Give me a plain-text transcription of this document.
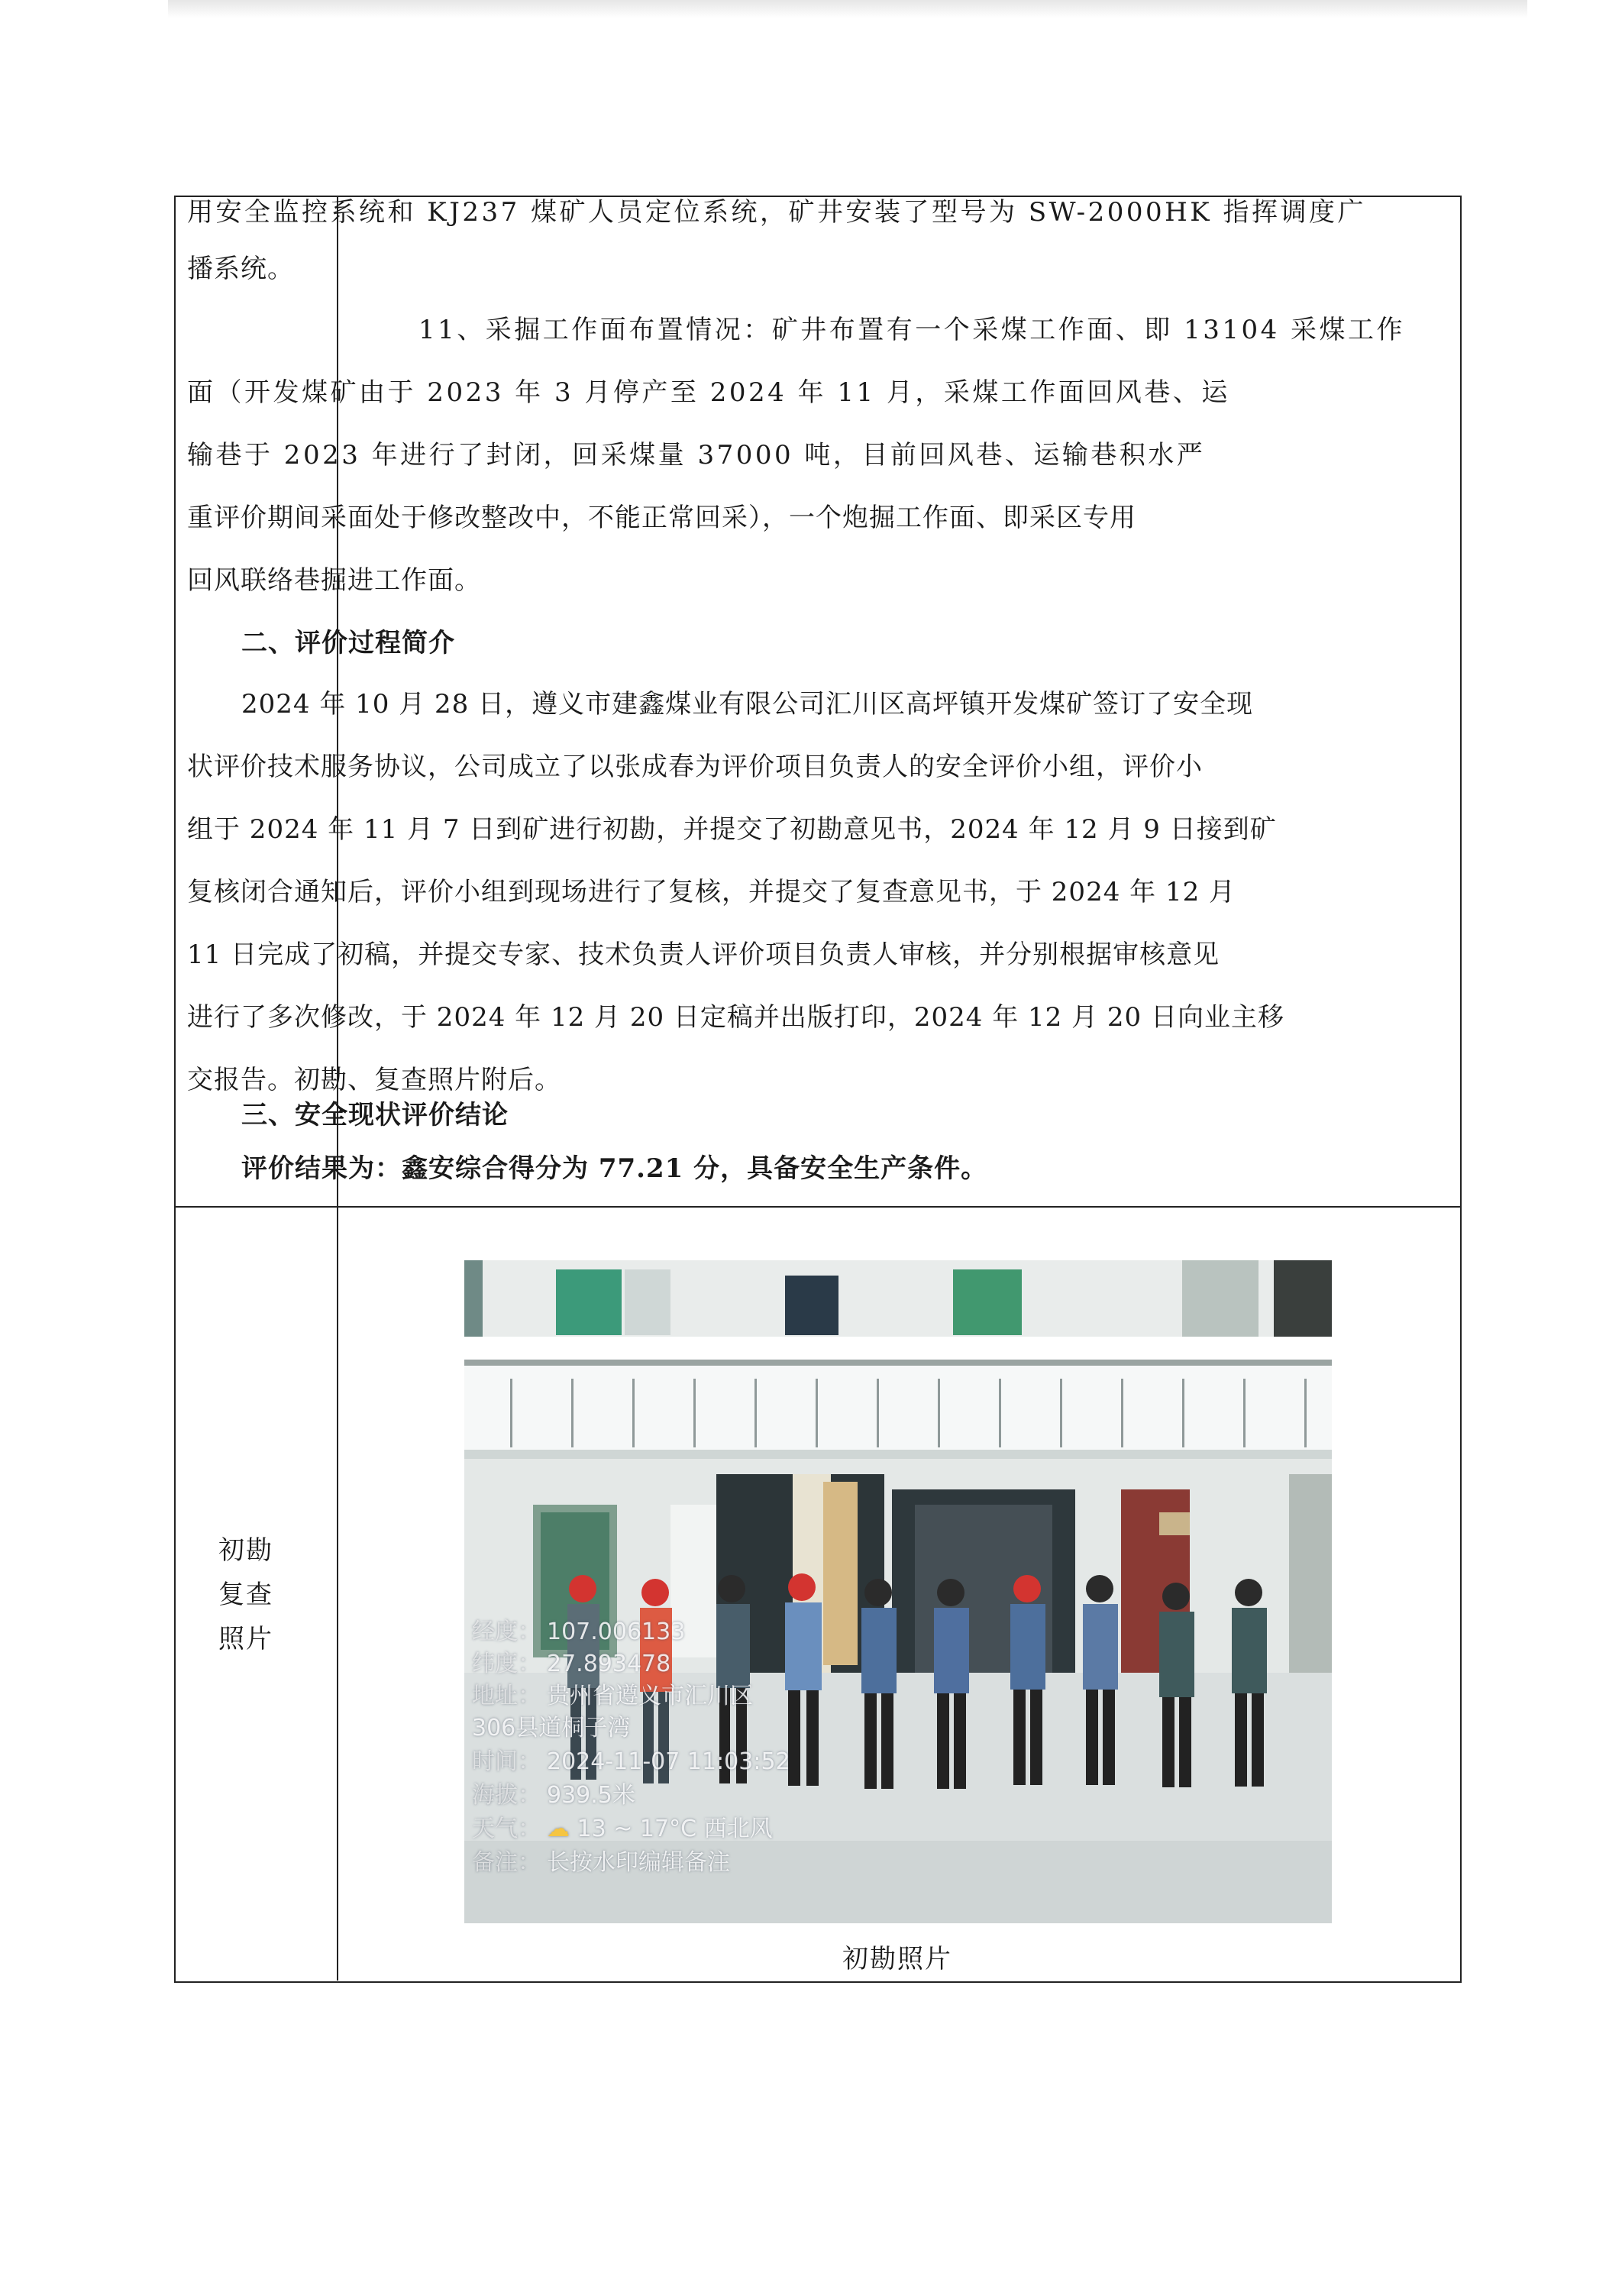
用安全监控系统和 KJ237 煤矿人员定位系统，矿井安装了型号为 SW-2000HK 指挥调度广
播系统。
11、采掘工作面布置情况：矿井布置有一个采煤工作面、即 13104 采煤工作
面（开发煤矿由于 2023 年 3 月停产至 2024 年 11 月，采煤工作面回风巷、运
输巷于 2023 年进行了封闭，回采煤量 37000 吨，目前回风巷、运输巷积水严
重评价期间采面处于修改整改中，不能正常回采），一个炮掘工作面、即采区专用
回风联络巷掘进工作面。
二、评价过程简介
2024 年 10 月 28 日，遵义市建鑫煤业有限公司汇川区高坪镇开发煤矿签订了安全现
状评价技术服务协议，公司成立了以张成春为评价项目负责人的安全评价小组，评价小
组于 2024 年 11 月 7 日到矿进行初勘，并提交了初勘意见书，2024 年 12 月 9 日接到矿
复核闭合通知后，评价小组到现场进行了复核，并提交了复查意见书，于 2024 年 12 月
11 日完成了初稿，并提交专家、技术负责人评价项目负责人审核，并分别根据审核意见
进行了多次修改，于 2024 年 12 月 20 日定稿并出版打印，2024 年 12 月 20 日向业主移
交报告。初勘、复查照片附后。
三、安全现状评价结论
评价结果为：鑫安综合得分为 77.21 分，具备安全生产条件。
初勘
复查
照片	经度： 107.006133
纬度： 27.893478
地址： 贵州省遵义市汇川区
306县道桐子湾
时间： 2024-11-07 11:03:52
海拔： 939.5米
天气： ☁ 13 ~ 17°C 西北风
备注： 长按水印编辑备注
初勘照片
